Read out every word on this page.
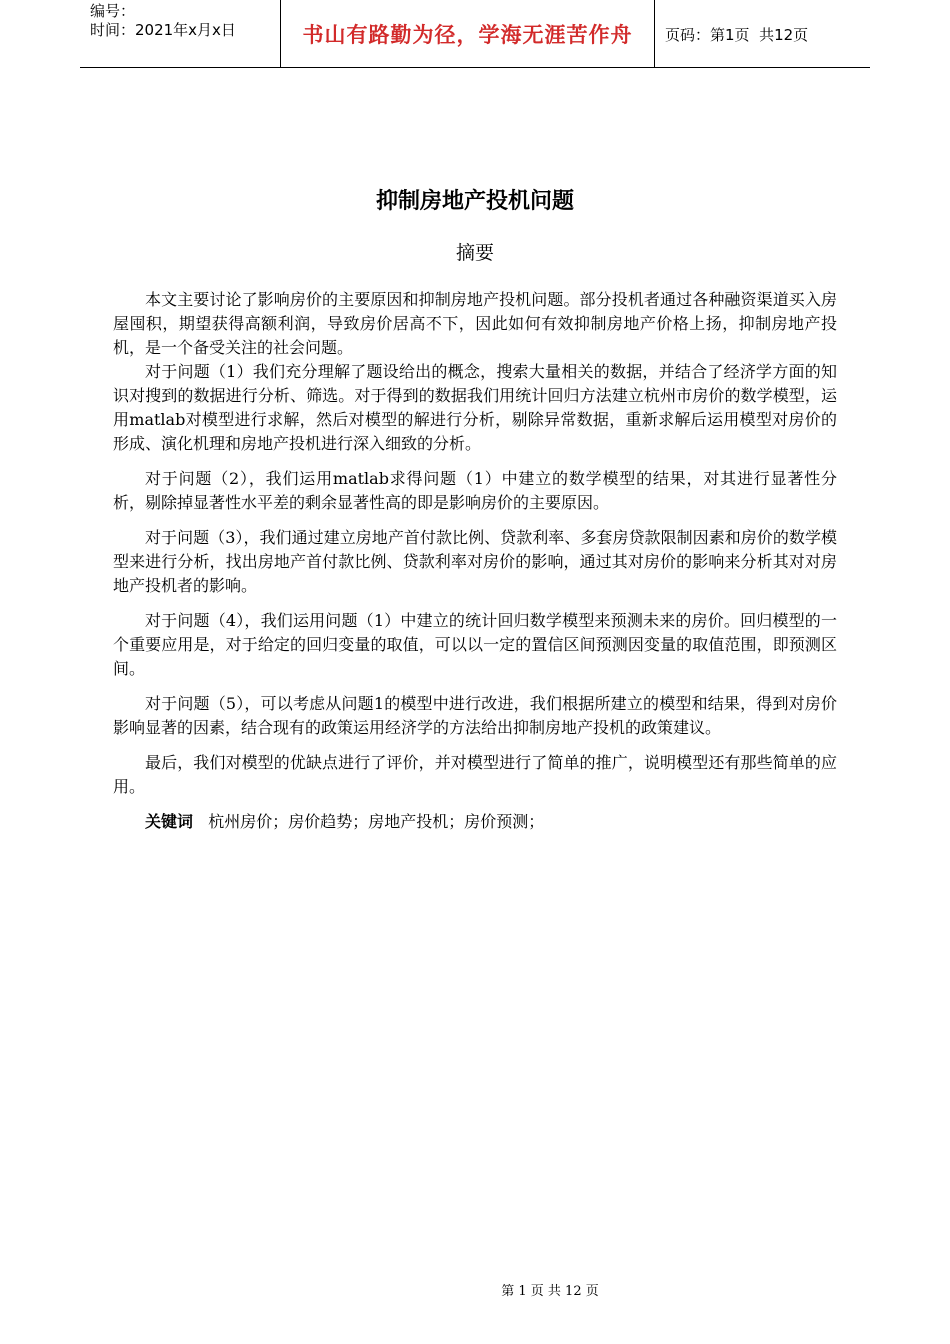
编号：
时间：2021年x月x日	书山有路勤为径，学海无涯苦作舟	页码：第1页  共12页
抑制房地产投机问题
摘要

本文主要讨论了影响房价的主要原因和抑制房地产投机问题。部分投机者通过各种融资渠道买入房屋囤积，期望获得高额利润，导致房价居高不下，因此如何有效抑制房地产价格上扬，抑制房地产投机，是一个备受关注的社会问题。

对于问题（1）我们充分理解了题设给出的概念，搜索大量相关的数据，并结合了经济学方面的知识对搜到的数据进行分析、筛选。对于得到的数据我们用统计回归方法建立杭州市房价的数学模型，运用matlab对模型进行求解，然后对模型的解进行分析，剔除异常数据，重新求解后运用模型对房价的形成、演化机理和房地产投机进行深入细致的分析。

对于问题（2），我们运用matlab求得问题（1）中建立的数学模型的结果，对其进行显著性分析，剔除掉显著性水平差的剩余显著性高的即是影响房价的主要原因。

对于问题（3），我们通过建立房地产首付款比例、贷款利率、多套房贷款限制因素和房价的数学模型来进行分析，找出房地产首付款比例、贷款利率对房价的影响，通过其对房价的影响来分析其对对房地产投机者的影响。

对于问题（4），我们运用问题（1）中建立的统计回归数学模型来预测未来的房价。回归模型的一个重要应用是，对于给定的回归变量的取值，可以以一定的置信区间预测因变量的取值范围，即预测区间。

对于问题（5），可以考虑从问题1的模型中进行改进，我们根据所建立的模型和结果，得到对房价影响显著的因素，结合现有的政策运用经济学的方法给出抑制房地产投机的政策建议。

最后，我们对模型的优缺点进行了评价，并对模型进行了简单的推广，说明模型还有那些简单的应用。

关键词 杭州房价；房价趋势；房地产投机；房价预测；
第 1 页 共 12 页
